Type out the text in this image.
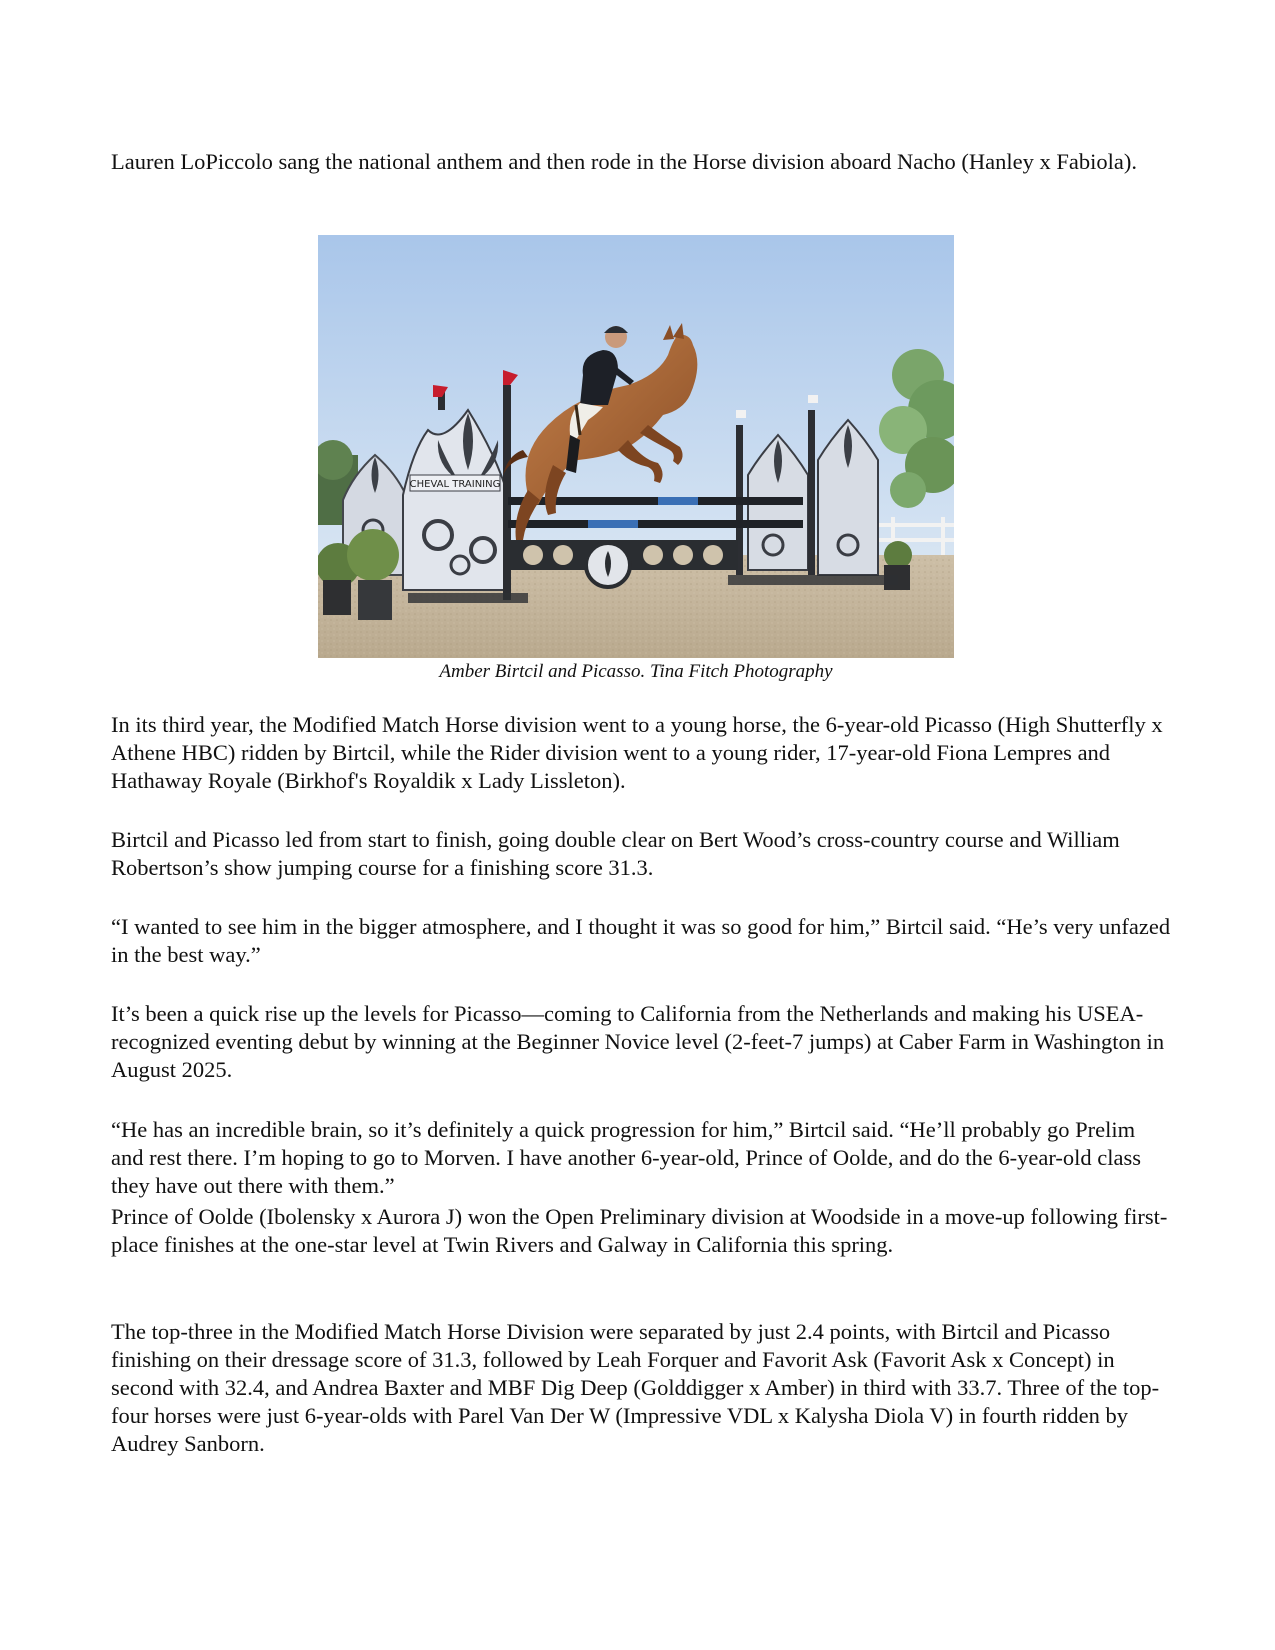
Lauren LoPiccolo sang the national anthem and then rode in the Horse division aboard Nacho (Hanley x Fabiola).

CHEVAL TRAINING
Amber Birtcil and Picasso. Tina Fitch Photography

In its third year, the Modified Match Horse division went to a young horse, the 6-year-old Picasso (High Shutterfly x Athene HBC) ridden by Birtcil, while the Rider division went to a young rider, 17-year-old Fiona Lempres and Hathaway Royale (Birkhof's Royaldik x Lady Lissleton).

Birtcil and Picasso led from start to finish, going double clear on Bert Wood’s cross-country course and William Robertson’s show jumping course for a finishing score 31.3.

“I wanted to see him in the bigger atmosphere, and I thought it was so good for him,” Birtcil said. “He’s very unfazed in the best way.”

It’s been a quick rise up the levels for Picasso—coming to California from the Netherlands and making his USEA-recognized eventing debut by winning at the Beginner Novice level (2-feet-7 jumps) at Caber Farm in Washington in August 2025.

“He has an incredible brain, so it’s definitely a quick progression for him,” Birtcil said. “He’ll probably go Prelim and rest there. I’m hoping to go to Morven. I have another 6-year-old, Prince of Oolde, and do the 6-year-old class they have out there with them.”

Prince of Oolde (Ibolensky x Aurora J) won the Open Preliminary division at Woodside in a move-up following first-place finishes at the one-star level at Twin Rivers and Galway in California this spring.

The top-three in the Modified Match Horse Division were separated by just 2.4 points, with Birtcil and Picasso finishing on their dressage score of 31.3, followed by Leah Forquer and Favorit Ask (Favorit Ask x Concept) in second with 32.4, and Andrea Baxter and MBF Dig Deep (Golddigger x Amber) in third with 33.7. Three of the top-four horses were just 6-year-olds with Parel Van Der W (Impressive VDL x Kalysha Diola V) in fourth ridden by Audrey Sanborn.
